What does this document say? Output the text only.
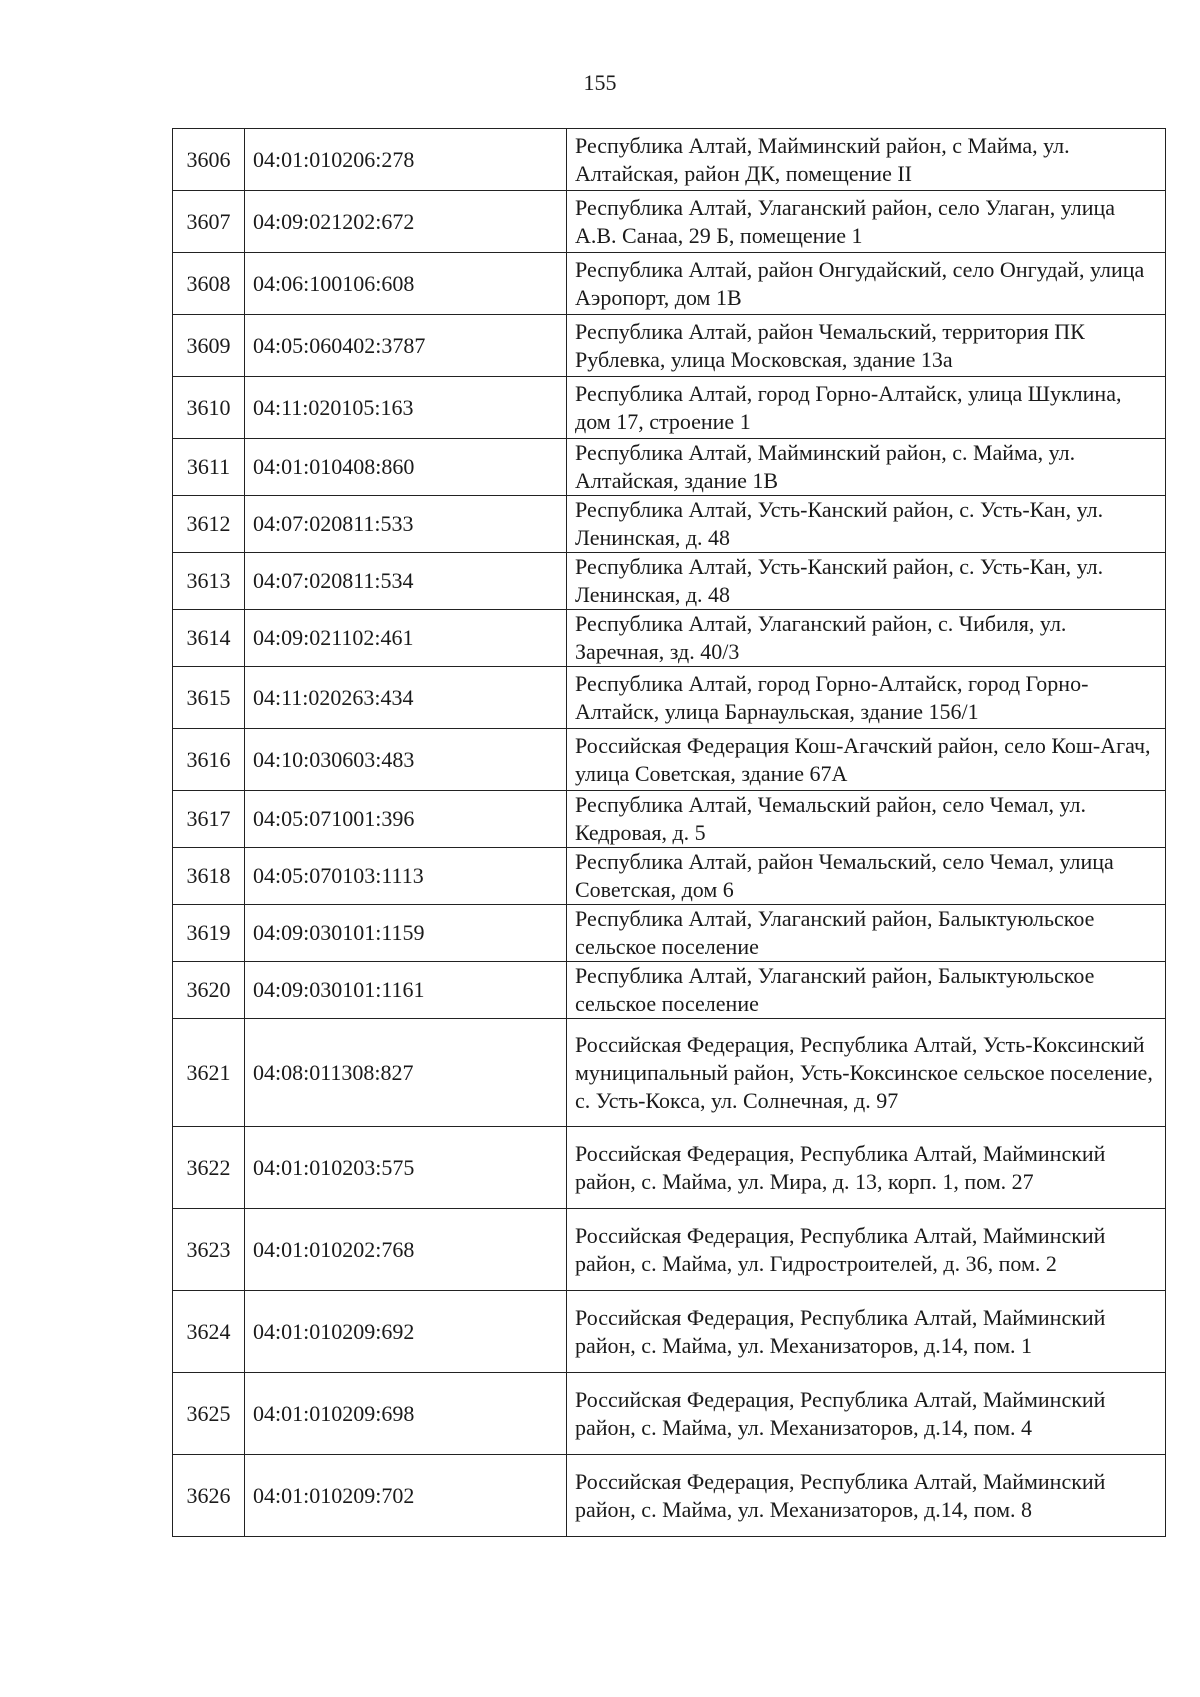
155
3606	04:01:010206:278	Республика Алтай, Майминский район, с Майма, ул. Алтайская, район ДК, помещение II
3607	04:09:021202:672	Республика Алтай, Улаганский район, село Улаган, улица А.В. Санаа, 29 Б, помещение 1
3608	04:06:100106:608	Республика Алтай, район Онгудайский, село Онгудай, улица Аэропорт, дом 1В
3609	04:05:060402:3787	Республика Алтай, район Чемальский, территория ПК Рублевка, улица Московская, здание 13а
3610	04:11:020105:163	Республика Алтай, город Горно-Алтайск, улица Шуклина, дом 17, строение 1
3611	04:01:010408:860	Республика Алтай, Майминский район, с. Майма, ул. Алтайская, здание 1В
3612	04:07:020811:533	Республика Алтай, Усть-Канский район, с. Усть-Кан, ул. Ленинская, д. 48
3613	04:07:020811:534	Республика Алтай, Усть-Канский район, с. Усть-Кан, ул. Ленинская, д. 48
3614	04:09:021102:461	Республика Алтай, Улаганский район, с. Чибиля, ул. Заречная, зд. 40/3
3615	04:11:020263:434	Республика Алтай, город Горно-Алтайск, город Горно-Алтайск, улица Барнаульская, здание 156/1
3616	04:10:030603:483	Российская Федерация Кош-Агачский район, село Кош-Агач, улица Советская, здание 67А
3617	04:05:071001:396	Республика Алтай, Чемальский район, село Чемал, ул. Кедровая, д. 5
3618	04:05:070103:1113	Республика Алтай, район Чемальский, село Чемал, улица Советская, дом 6
3619	04:09:030101:1159	Республика Алтай, Улаганский район, Балыктуюльское сельское поселение
3620	04:09:030101:1161	Республика Алтай, Улаганский район, Балыктуюльское сельское поселение
3621	04:08:011308:827	Российская Федерация, Республика Алтай, Усть-Коксинский муниципальный район, Усть-Коксинское сельское поселение, с. Усть-Кокса, ул. Солнечная, д. 97
3622	04:01:010203:575	Российская Федерация, Республика Алтай, Майминский район, с. Майма, ул. Мира, д. 13, корп. 1, пом. 27
3623	04:01:010202:768	Российская Федерация, Республика Алтай, Майминский район, с. Майма, ул. Гидростроителей, д. 36, пом. 2
3624	04:01:010209:692	Российская Федерация, Республика Алтай, Майминский район, с. Майма, ул. Механизаторов, д.14, пом. 1
3625	04:01:010209:698	Российская Федерация, Республика Алтай, Майминский район, с. Майма, ул. Механизаторов, д.14, пом. 4
3626	04:01:010209:702	Российская Федерация, Республика Алтай, Майминский район, с. Майма, ул. Механизаторов, д.14, пом. 8
